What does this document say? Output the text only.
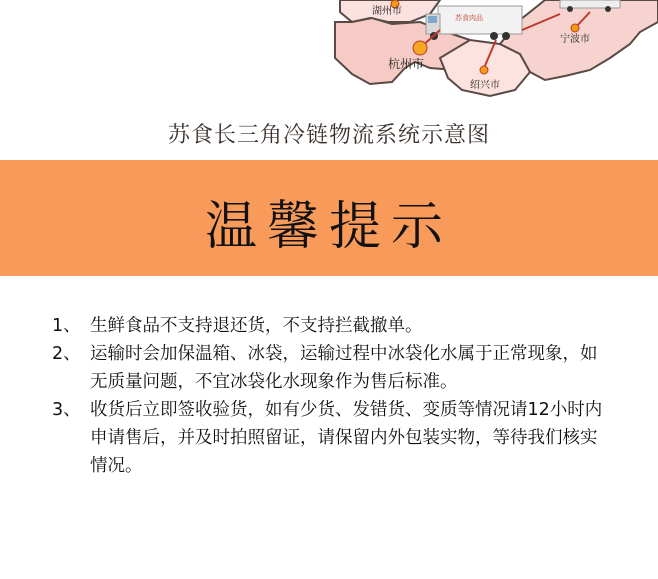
苏食肉品
湖州市
杭州市
绍兴市
宁波市
苏食长三角冷链物流系统示意图
温馨提示
1、 生鲜食品不支持退还货，不支持拦截撤单。
2、 运输时会加保温箱、冰袋，运输过程中冰袋化水属于正常现象，如无质量问题，不宜冰袋化水现象作为售后标准。
3、 收货后立即签收验货，如有少货、发错货、变质等情况请12小时内申请售后，并及时拍照留证，请保留内外包装实物，等待我们核实情况。
